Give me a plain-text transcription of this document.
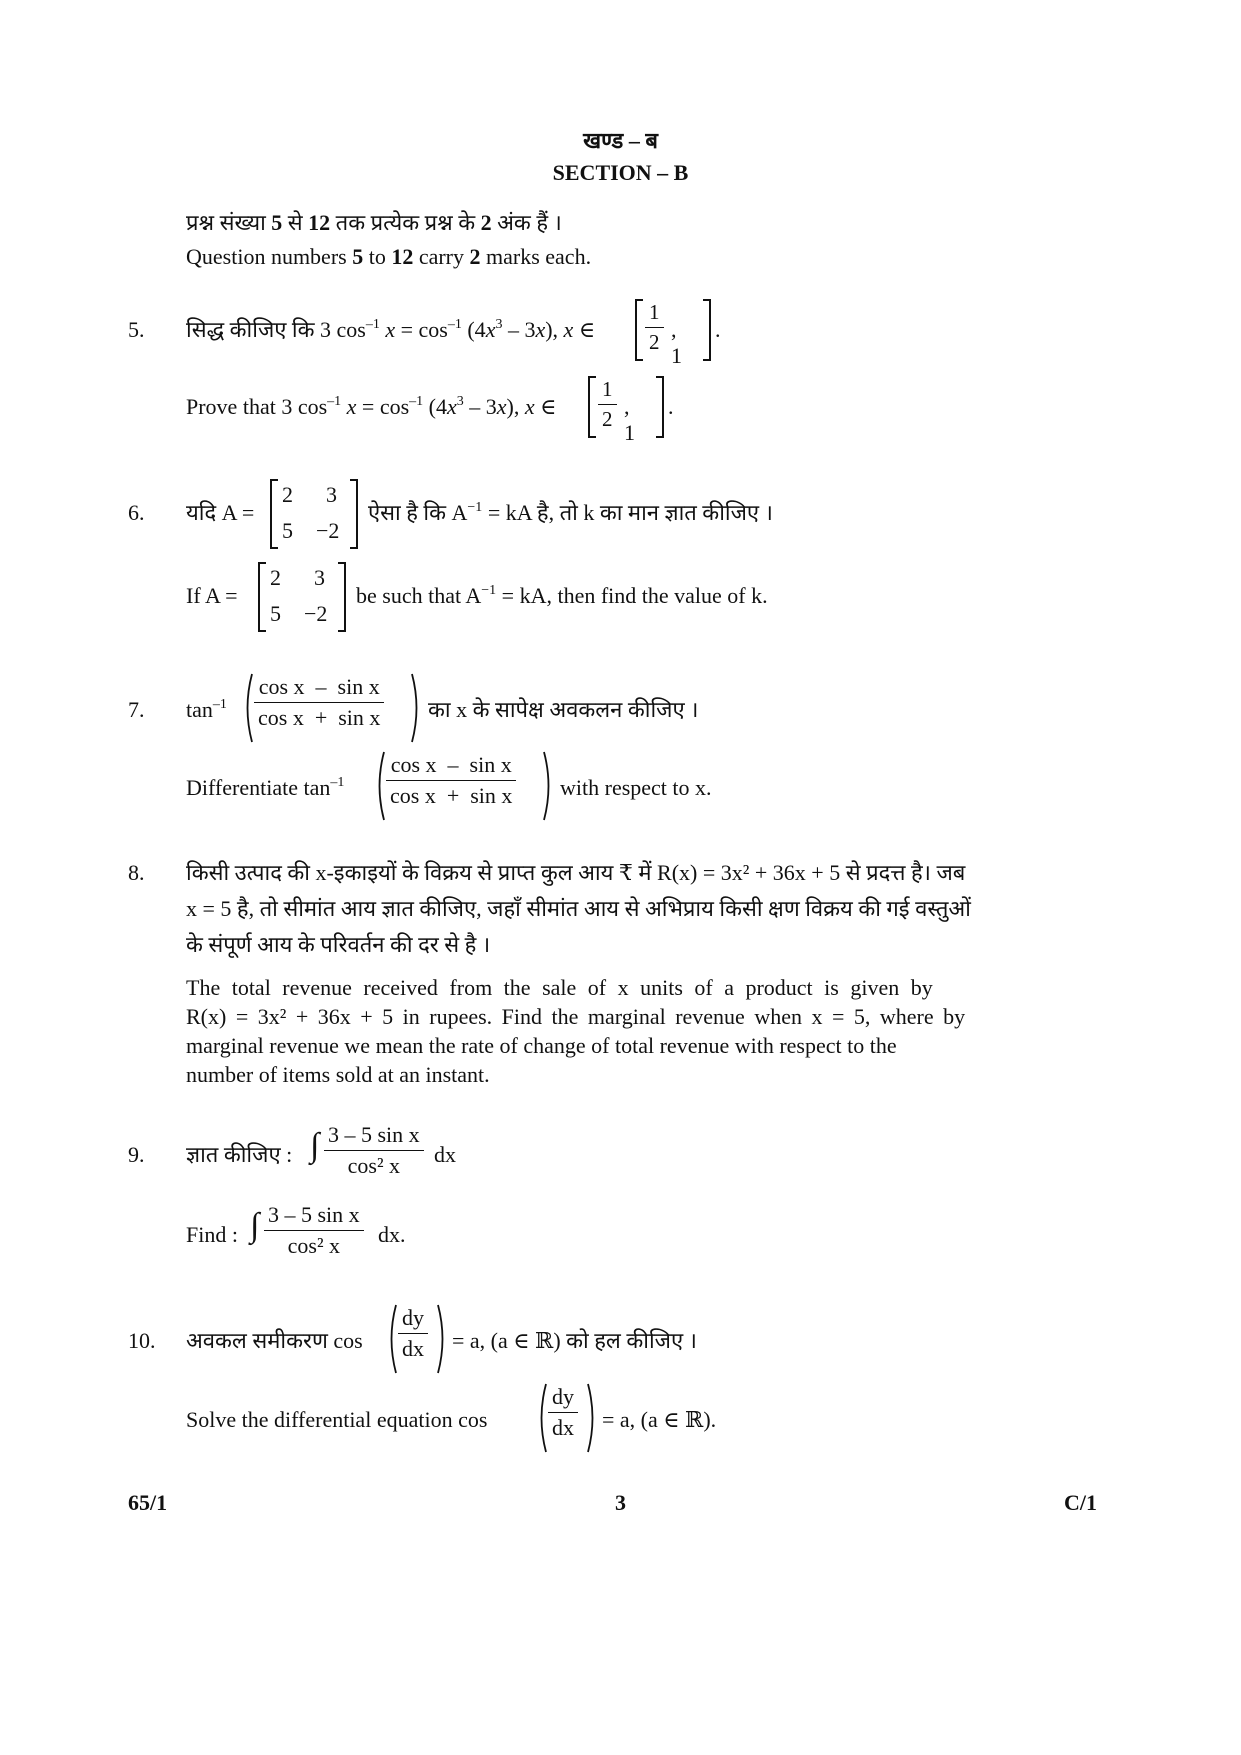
खण्ड – ब
SECTION – B
प्रश्न संख्या 5 से 12 तक प्रत्येक प्रश्न के 2 अंक हैं ।
Question numbers 5 to 12 carry 2 marks each.
5. सिद्ध कीजिए कि 3 $\cos^{-1} x = \cos^{-1} (4x^3 - 3x)$, x ∈ $\frac{1}{2}$ , 1
.
Prove that 3 $\cos^{-1} x = \cos^{-1} (4x^3 - 3x)$, x ∈ $\frac{1}{2}$ , 1
.
6. यदि A =
2 3
5 −2
ऐसा है कि $A^{-1}$ = kA है, तो k का मान ज्ञात कीजिए ।
If A =
2 3
5 −2
be such that $A^{-1}$ = kA, then find the value of k.
7. $\tan^{-1} \frac{\text{cos x  –  sin x}}{\text{cos x  +  sin x}}$ का x के सापेक्ष अवकलन कीजिए ।
Differentiate $\tan^{-1} \frac{\text{cos x  –  sin x}}{\text{cos x  +  sin x}}$ with respect to x.
8. किसी उत्पाद की x-इकाइयों के विक्रय से प्राप्त कुल आय ₹ में R(x) = 3x² + 36x + 5 से प्रदत्त है। जब
x = 5 है, तो सीमांत आय ज्ञात कीजिए, जहाँ सीमांत आय से अभिप्राय किसी क्षण विक्रय की गई वस्तुओं
के संपूर्ण आय के परिवर्तन की दर से है ।
The total revenue received from the sale of x units of a product is given by
R(x) = 3x² + 36x + 5 in rupees. Find the marginal revenue when x = 5, where by
marginal revenue we mean the rate of change of total revenue with respect to the
number of items sold at an instant.
9. ज्ञात कीजिए : ∫ $\frac{\text{3 – 5 sin x}}{\text{cos² x}}$ dx
Find : ∫ $\frac{\text{3 – 5 sin x}}{\text{cos² x}}$ dx.
10. अवकल समीकरण $\cos \frac{dy}{dx} = a$, (a ∈ ℝ) को हल कीजिए ।
Solve the differential equation cos	$\frac{dy}{dx} = a$, (a ∈ ℝ).
65/1	3	C/1
